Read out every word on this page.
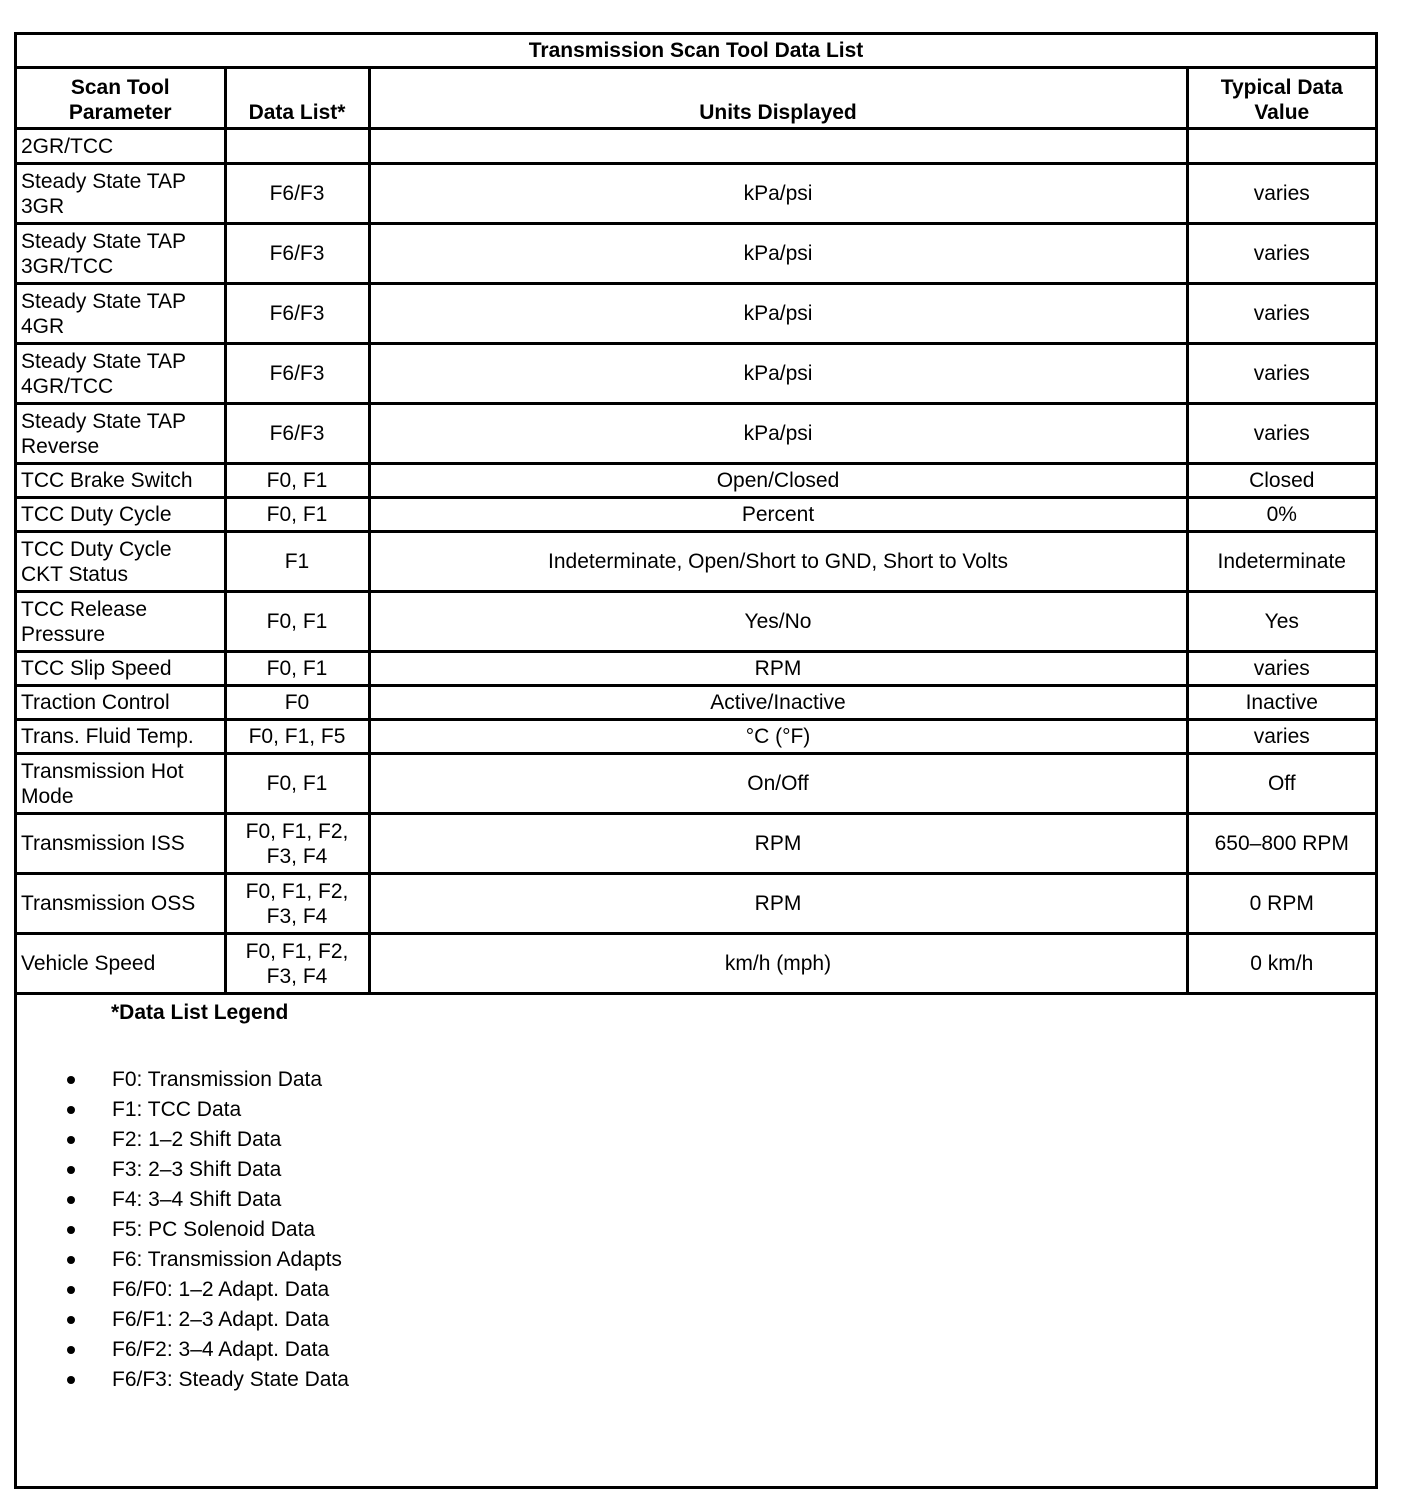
Transmission Scan Tool Data List			
Scan Tool Parameter	Data List*	Units Displayed	Typical Data Value
2GR/TCC			
Steady State TAP 3GR	F6/F3	kPa/psi	varies
Steady State TAP 3GR/TCC	F6/F3	kPa/psi	varies
Steady State TAP 4GR	F6/F3	kPa/psi	varies
Steady State TAP 4GR/TCC	F6/F3	kPa/psi	varies
Steady State TAP Reverse	F6/F3	kPa/psi	varies
TCC Brake Switch	F0, F1	Open/Closed	Closed
TCC Duty Cycle	F0, F1	Percent	0%
TCC Duty Cycle CKT Status	F1	Indeterminate, Open/Short to GND, Short to Volts	Indeterminate
TCC Release Pressure	F0, F1	Yes/No	Yes
TCC Slip Speed	F0, F1	RPM	varies
Traction Control	F0	Active/Inactive	Inactive
Trans. Fluid Temp.	F0, F1, F5	°C (°F)	varies
Transmission Hot Mode	F0, F1	On/Off	Off
Transmission ISS	F0, F1, F2, F3, F4	RPM	650–800 RPM
Transmission OSS	F0, F1, F2, F3, F4	RPM	0 RPM
Vehicle Speed	F0, F1, F2, F3, F4	km/h (mph)	0 km/h
*Data List Legend
F0: Transmission Data
F1: TCC Data
F2: 1–2 Shift Data
F3: 2–3 Shift Data
F4: 3–4 Shift Data
F5: PC Solenoid Data
F6: Transmission Adapts
F6/F0: 1–2 Adapt. Data
F6/F1: 2–3 Adapt. Data
F6/F2: 3–4 Adapt. Data
F6/F3: Steady State Data
